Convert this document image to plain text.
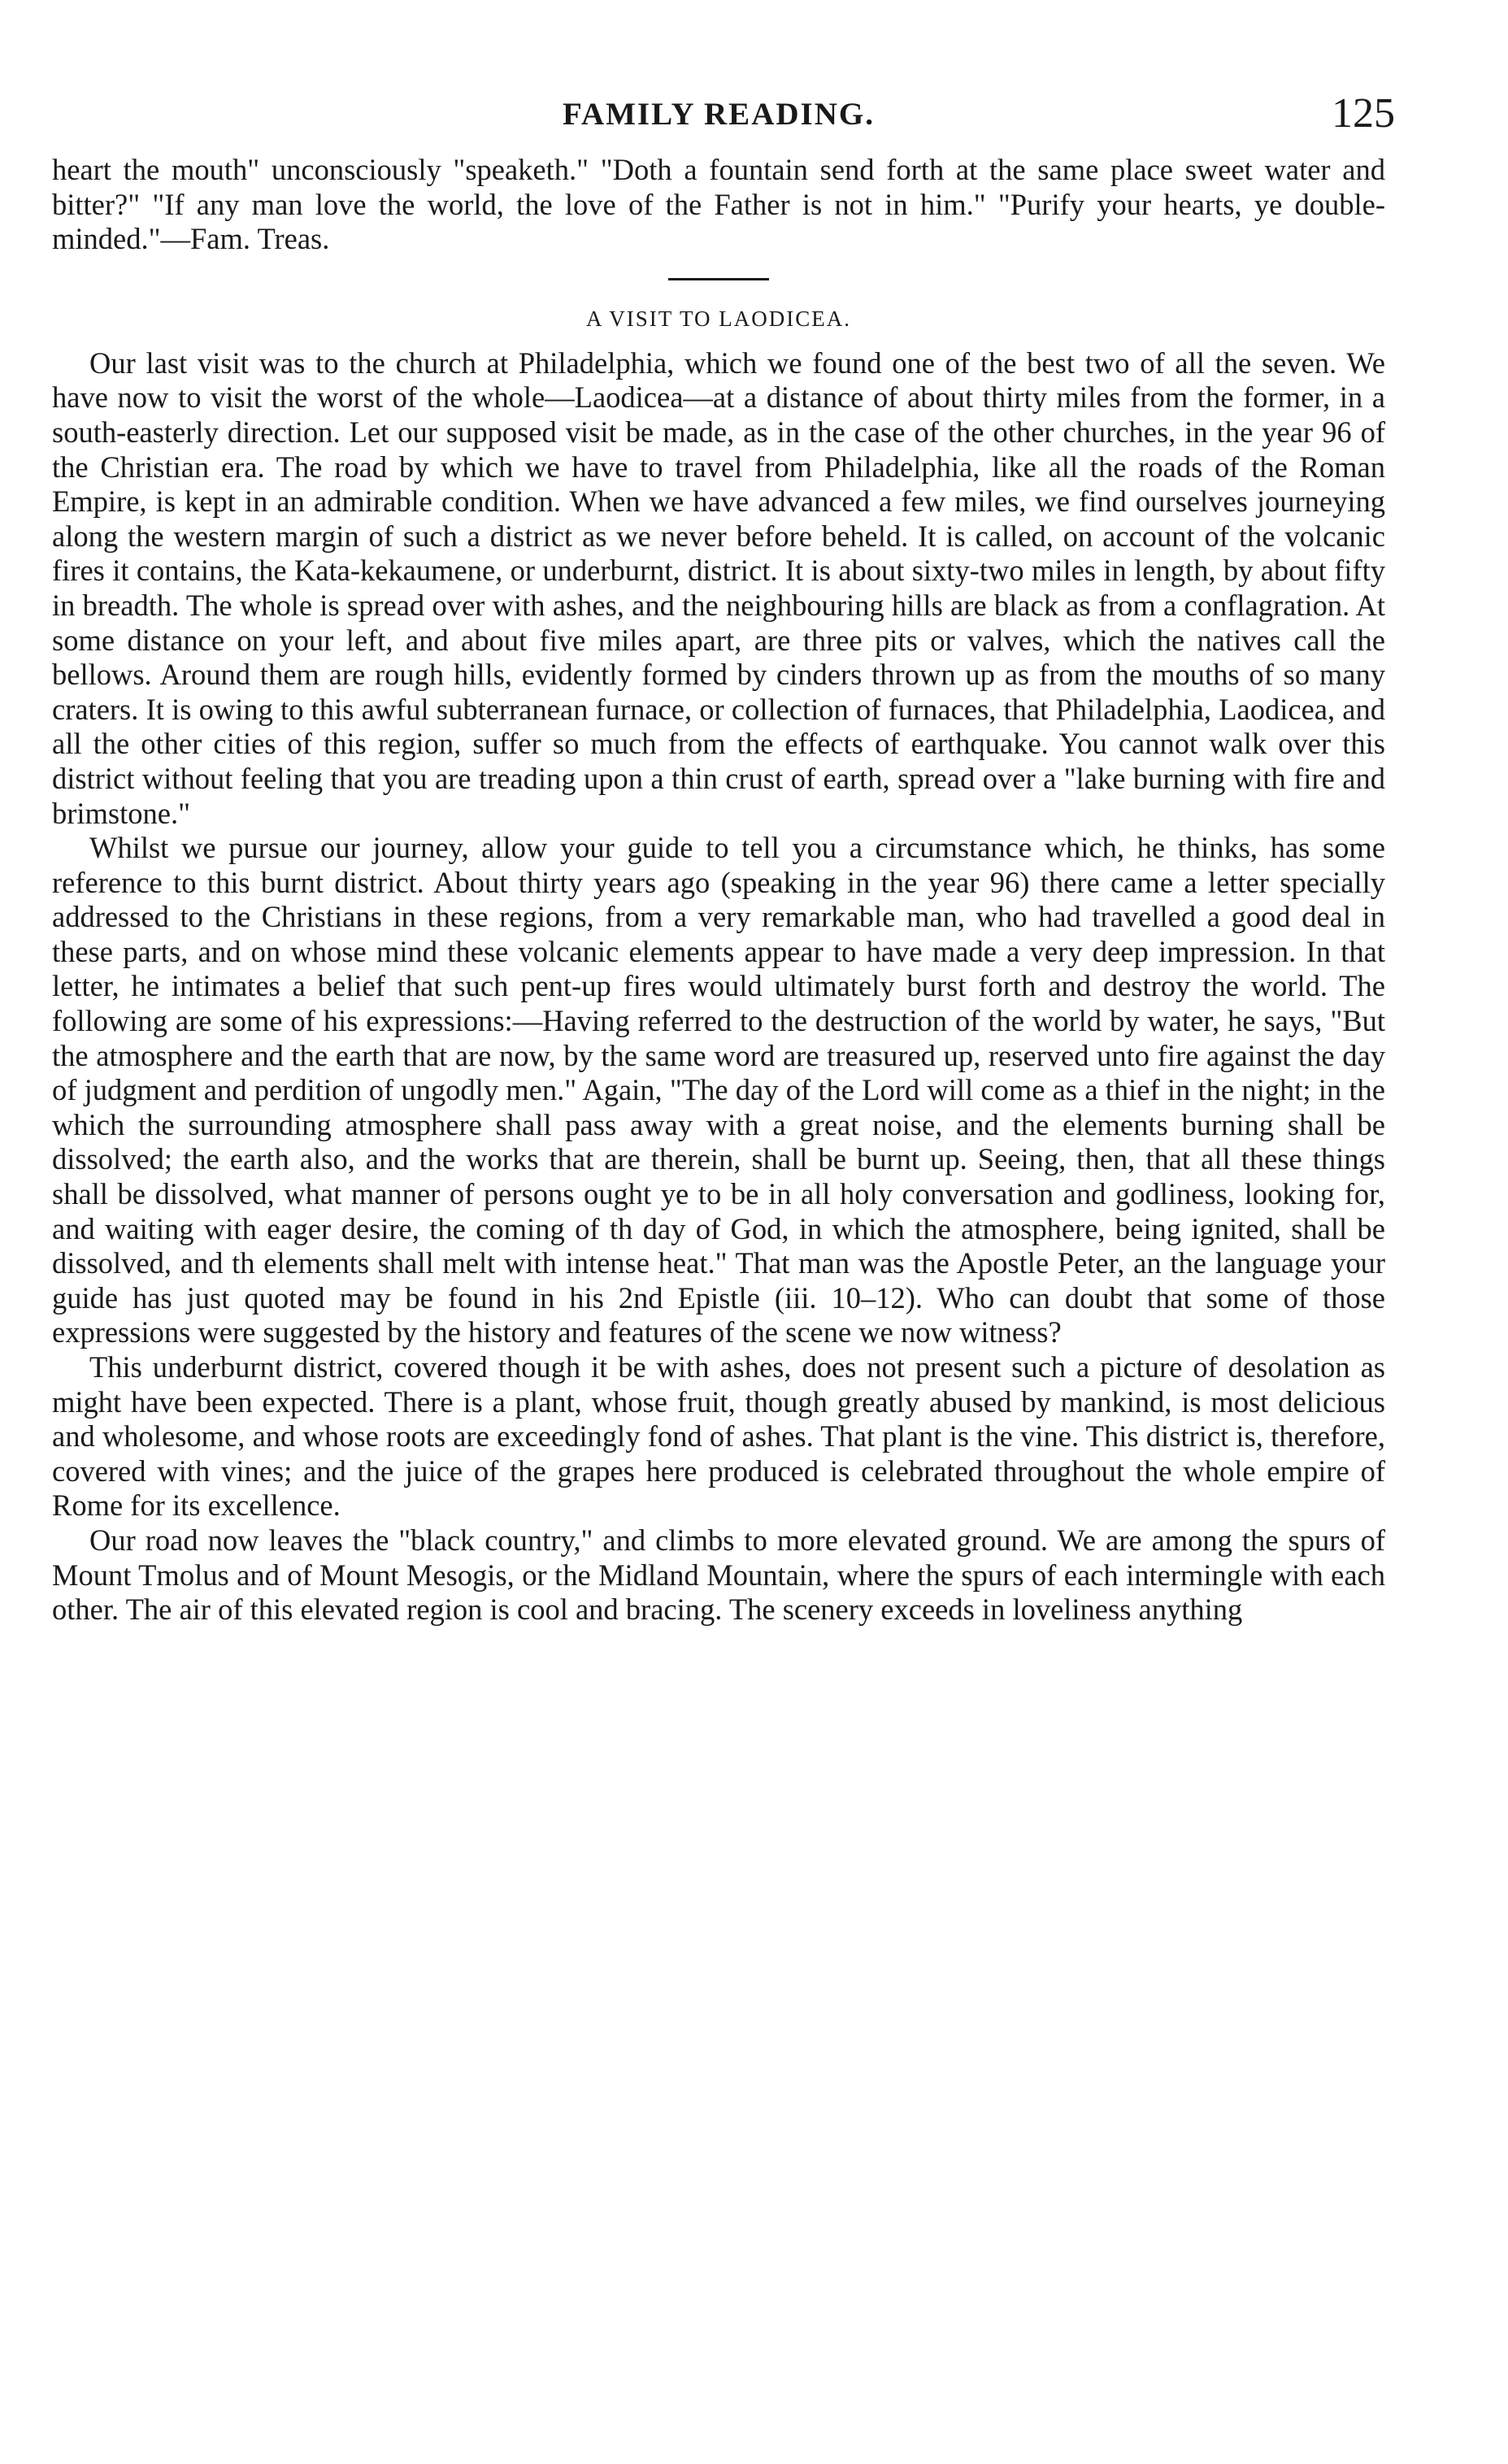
FAMILY READING.	125

heart the mouth" unconsciously "speaketh." "Doth a fountain send forth at the same place sweet water and bitter?" "If any man love the world, the love of the Father is not in him." "Purify your hearts, ye double-minded."—Fam. Treas.

A VISIT TO LAODICEA.

Our last visit was to the church at Philadelphia, which we found one of the best two of all the seven. We have now to visit the worst of the whole—Laodicea—at a distance of about thirty miles from the former, in a south-easterly direction. Let our supposed visit be made, as in the case of the other churches, in the year 96 of the Christian era. The road by which we have to travel from Philadelphia, like all the roads of the Roman Empire, is kept in an admirable condition. When we have advanced a few miles, we find ourselves journeying along the western margin of such a district as we never before beheld. It is called, on account of the volcanic fires it contains, the Kata-kekaumene, or underburnt, district. It is about sixty-two miles in length, by about fifty in breadth. The whole is spread over with ashes, and the neighbouring hills are black as from a conflagration. At some distance on your left, and about five miles apart, are three pits or valves, which the natives call the bellows. Around them are rough hills, evidently formed by cinders thrown up as from the mouths of so many craters. It is owing to this awful subterranean furnace, or collection of furnaces, that Philadelphia, Laodicea, and all the other cities of this region, suffer so much from the effects of earthquake. You cannot walk over this district without feeling that you are treading upon a thin crust of earth, spread over a "lake burning with fire and brimstone."

Whilst we pursue our journey, allow your guide to tell you a circumstance which, he thinks, has some reference to this burnt district. About thirty years ago (speaking in the year 96) there came a letter specially addressed to the Christians in these regions, from a very remarkable man, who had travelled a good deal in these parts, and on whose mind these volcanic elements appear to have made a very deep impression. In that letter, he intimates a belief that such pent-up fires would ultimately burst forth and destroy the world. The following are some of his expressions:—Having referred to the destruction of the world by water, he says, "But the atmosphere and the earth that are now, by the same word are treasured up, reserved unto fire against the day of judgment and perdition of ungodly men." Again, "The day of the Lord will come as a thief in the night; in the which the surrounding atmosphere shall pass away with a great noise, and the elements burning shall be dissolved; the earth also, and the works that are therein, shall be burnt up. Seeing, then, that all these things shall be dissolved, what manner of persons ought ye to be in all holy conversation and godliness, looking for, and waiting with eager desire, the coming of th day of God, in which the atmosphere, being ignited, shall be dissolved, and th elements shall melt with intense heat." That man was the Apostle Peter, an the language your guide has just quoted may be found in his 2nd Epistle (iii. 10–12). Who can doubt that some of those expressions were suggested by the history and features of the scene we now witness?

This underburnt district, covered though it be with ashes, does not present such a picture of desolation as might have been expected. There is a plant, whose fruit, though greatly abused by mankind, is most delicious and wholesome, and whose roots are exceedingly fond of ashes. That plant is the vine. This district is, therefore, covered with vines; and the juice of the grapes here produced is celebrated throughout the whole empire of Rome for its excellence.

Our road now leaves the "black country," and climbs to more elevated ground. We are among the spurs of Mount Tmolus and of Mount Mesogis, or the Midland Mountain, where the spurs of each intermingle with each other. The air of this elevated region is cool and bracing. The scenery exceeds in loveliness anything
